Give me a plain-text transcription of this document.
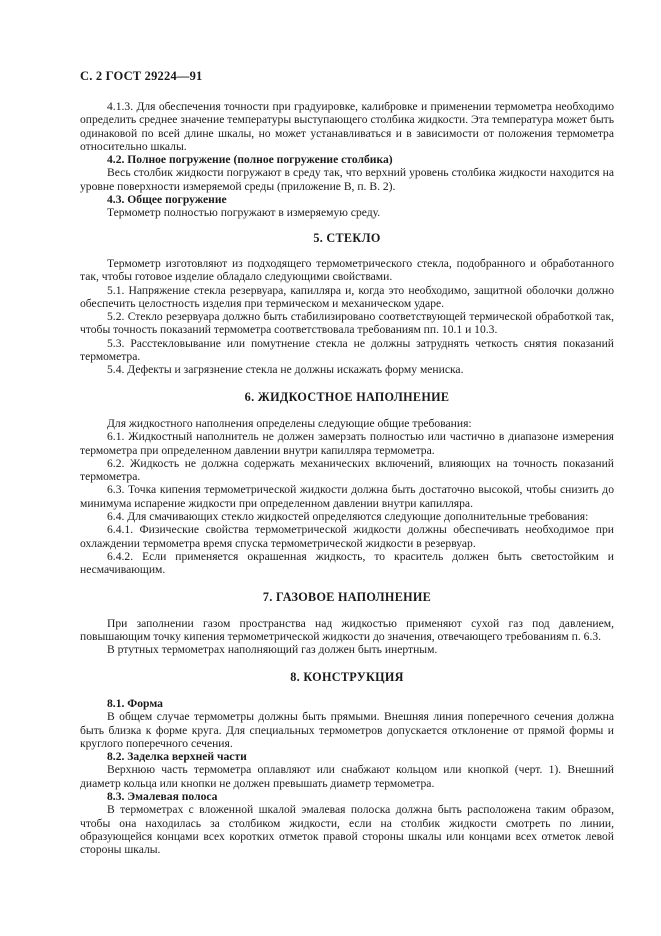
С. 2 ГОСТ 29224—91

4.1.3. Для обеспечения точности при градуировке, калибровке и применении термометра необходимо определить среднее значение температуры выступающего столбика жидкости. Эта температура может быть одинаковой по всей длине шкалы, но может устанавливаться и в зависимости от положения термометра относительно шкалы.

4.2. Полное погружение (полное погружение столбика)

Весь столбик жидкости погружают в среду так, что верхний уровень столбика жидкости находится на уровне поверхности измеряемой среды (приложение В, п. В. 2).

4.3. Общее погружение

Термометр полностью погружают в измеряемую среду.

5. СТЕКЛО

Термометр изготовляют из подходящего термометрического стекла, подобранного и обработанного так, чтобы готовое изделие обладало следующими свойствами.

5.1. Напряжение стекла резервуара, капилляра и, когда это необходимо, защитной оболочки должно обеспечить целостность изделия при термическом и механическом ударе.

5.2. Стекло резервуара должно быть стабилизировано соответствующей термической обработкой так, чтобы точность показаний термометра соответствовала требованиям пп. 10.1 и 10.3.

5.3. Расстекловывание или помутнение стекла не должны затруднять четкость снятия показаний термометра.

5.4. Дефекты и загрязнение стекла не должны искажать форму мениска.

6. ЖИДКОСТНОЕ НАПОЛНЕНИЕ

Для жидкостного наполнения определены следующие общие требования:

6.1. Жидкостный наполнитель не должен замерзать полностью или частично в диапазоне измерения термометра при определенном давлении внутри капилляра термометра.

6.2. Жидкость не должна содержать механических включений, влияющих на точность показаний термометра.

6.3. Точка кипения термометрической жидкости должна быть достаточно высокой, чтобы снизить до минимума испарение жидкости при определенном давлении внутри капилляра.

6.4. Для смачивающих стекло жидкостей определяются следующие дополнительные требования:

6.4.1. Физические свойства термометрической жидкости должны обеспечивать необходимое при охлаждении термометра время спуска термометрической жидкости в резервуар.

6.4.2. Если применяется окрашенная жидкость, то краситель должен быть светостойким и несмачивающим.

7. ГАЗОВОЕ НАПОЛНЕНИЕ

При заполнении газом пространства над жидкостью применяют сухой газ под давлением, повышающим точку кипения термометрической жидкости до значения, отвечающего требованиям п. 6.3.

В ртутных термометрах наполняющий газ должен быть инертным.

8. КОНСТРУКЦИЯ

8.1. Форма

В общем случае термометры должны быть прямыми. Внешняя линия поперечного сечения должна быть близка к форме круга. Для специальных термометров допускается отклонение от прямой формы и круглого поперечного сечения.

8.2. Заделка верхней части

Верхнюю часть термометра оплавляют или снабжают кольцом или кнопкой (черт. 1). Внешний диаметр кольца или кнопки не должен превышать диаметр термометра.

8.3. Эмалевая полоса

В термометрах с вложенной шкалой эмалевая полоска должна быть расположена таким образом, чтобы она находилась за столбиком жидкости, если на столбик жидкости смотреть по линии, образующейся концами всех коротких отметок правой стороны шкалы или концами всех отметок левой стороны шкалы.
